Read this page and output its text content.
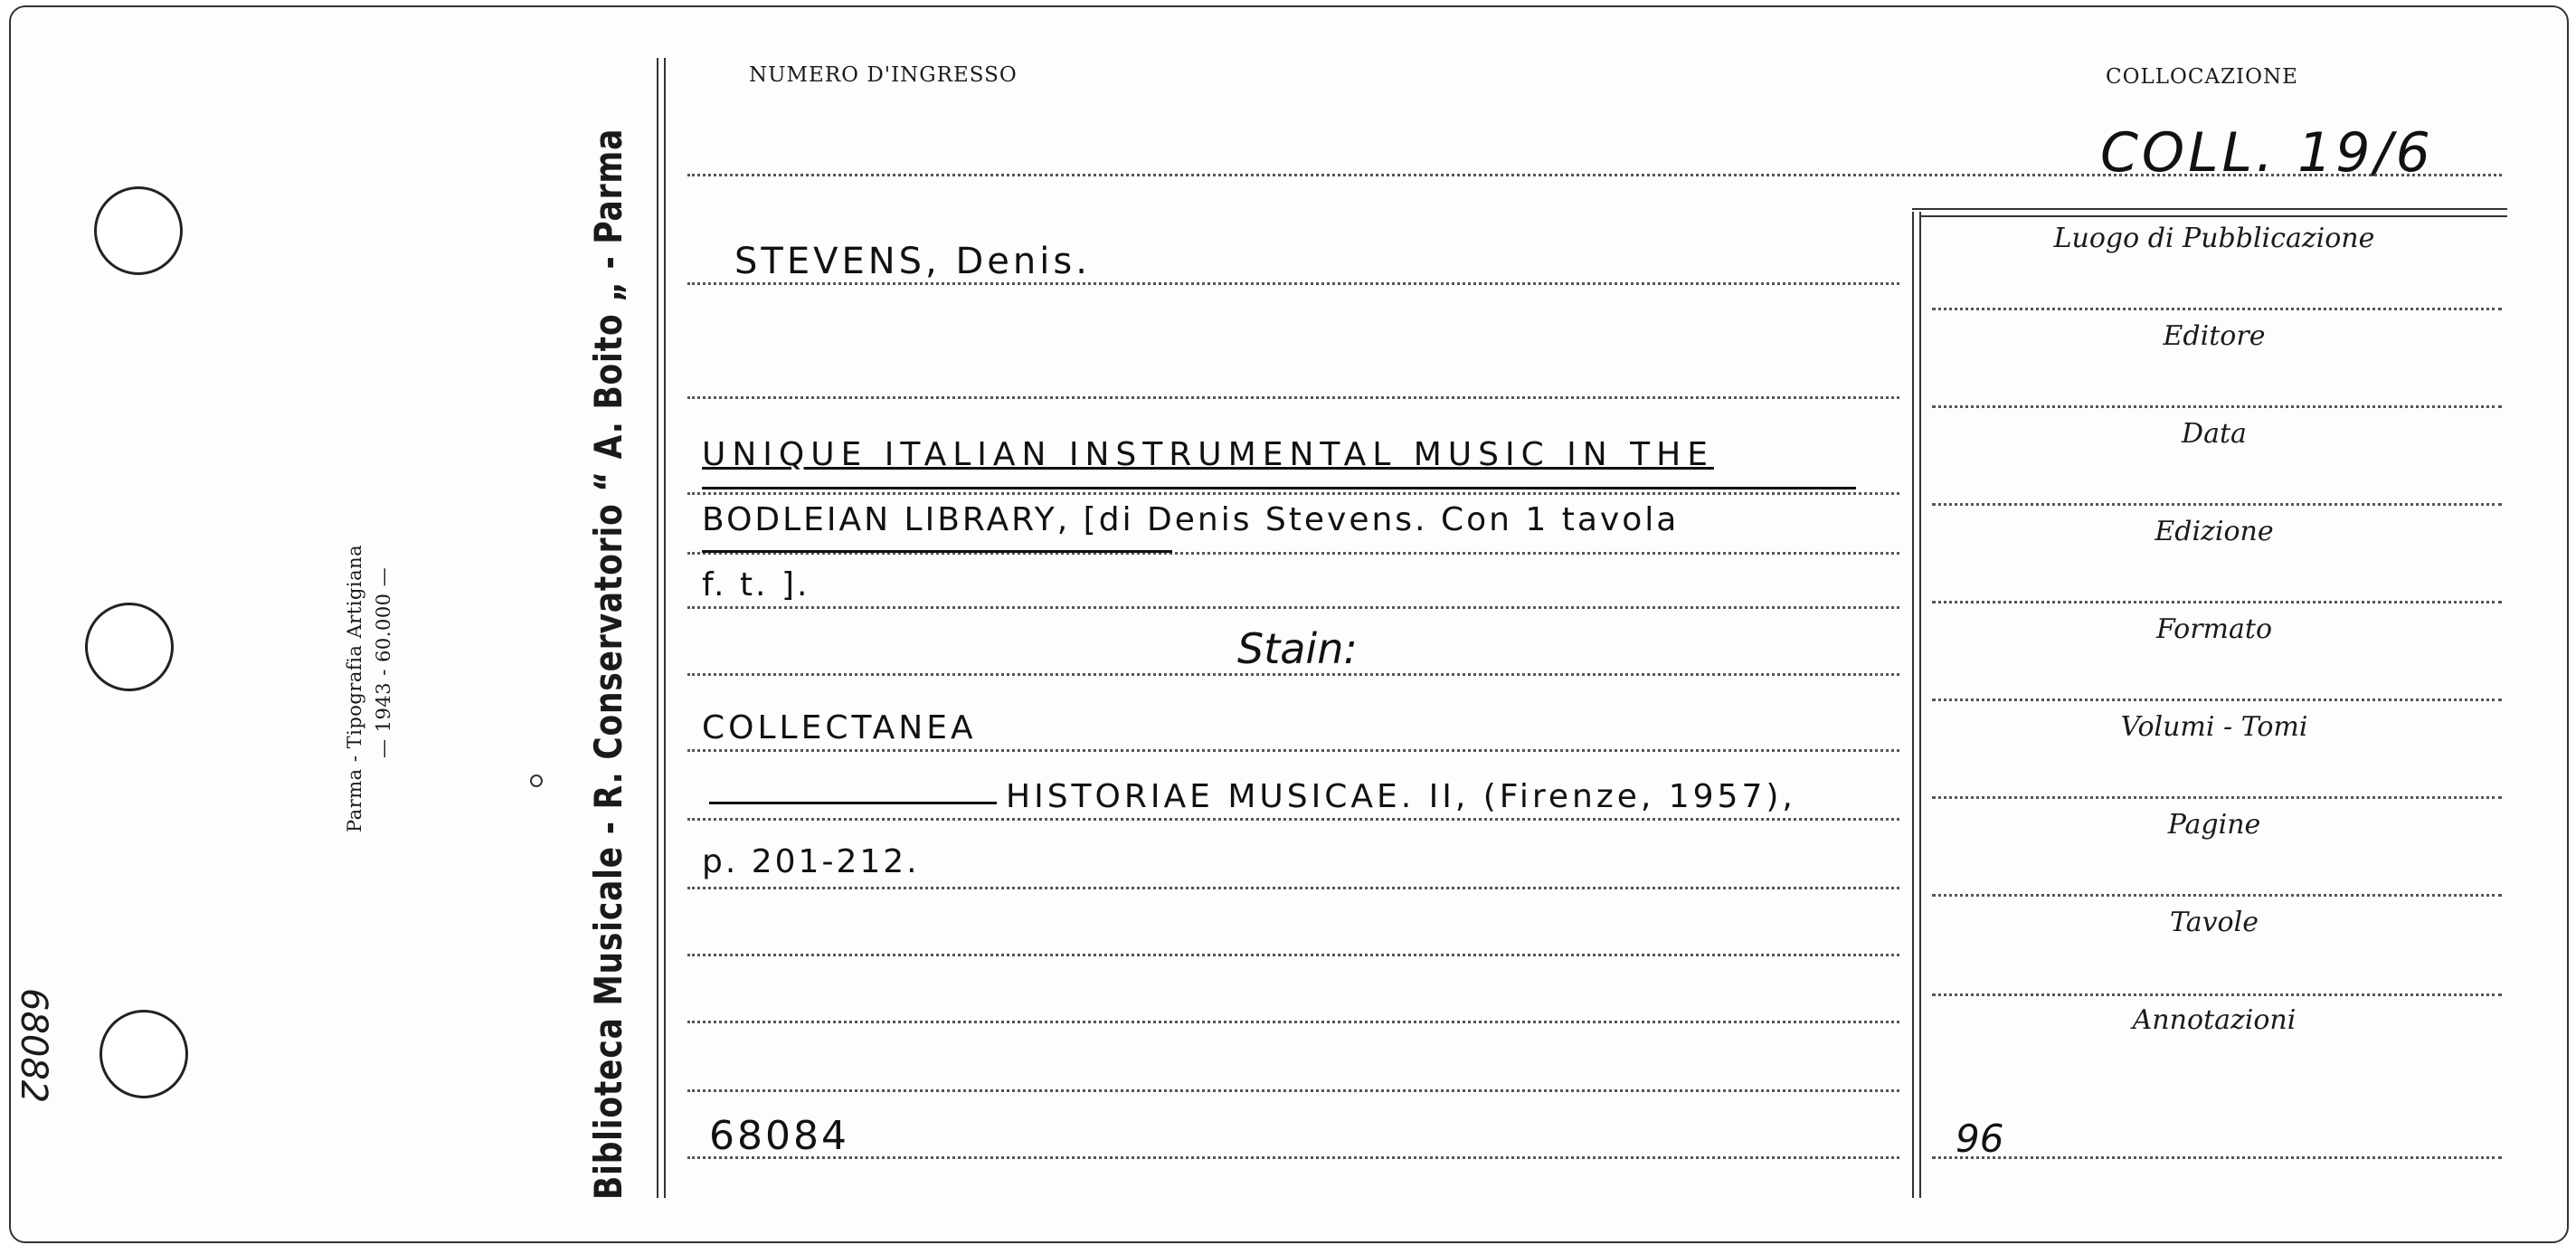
68082
Parma - Tipografia Artigiana — 1943 - 60.000 —	Biblioteca Musicale - R. Conservatorio “ A. Boito „ - Parma
NUMERO D'INGRESSO	COLLOCAZIONE
COLL. 19/6
Luogo di Pubblicazione
Editore
Data
Edizione
Formato
Volumi - Tomi
Pagine
Tavole
Annotazioni
STEVENS, Denis.
UNIQUE ITALIAN INSTRUMENTAL MUSIC IN THE
BODLEIAN LIBRARY, [di Denis Stevens. Con 1 tavola
f. t. ].
Stain:
COLLECTANEA
HISTORIAE MUSICAE. II, (Firenze, 1957),
p. 201-212.
68084	96
